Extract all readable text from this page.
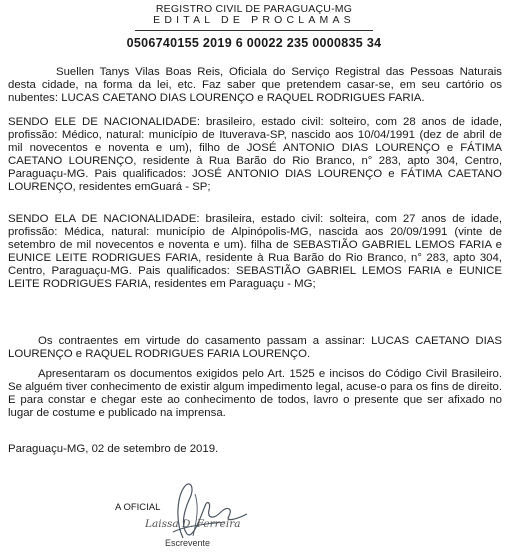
REGISTRO CIVIL DE PARAGUAÇU-MG
EDITAL DE PROCLAMAS
0506740155 2019 6 00022 235 0000835 34
Suellen Tanys Vilas Boas Reis, Oficiala do Serviço Registral das Pessoas Naturais desta cidade, na forma da lei, etc. Faz saber que pretendem casar-se, em seu cartório os nubentes: LUCAS CAETANO DIAS LOURENÇO e RAQUEL RODRIGUES FARIA.
SENDO ELE DE NACIONALIDADE: brasileiro, estado civil: solteiro, com 28 anos de idade, profissão: Médico, natural: município de Ituverava-SP, nascido aos 10/04/1991 (dez de abril de mil novecentos e noventa e um), filho de JOSÉ ANTONIO DIAS LOURENÇO e FÁTIMA CAETANO LOURENÇO, residente à Rua Barão do Rio Branco, n° 283, apto 304, Centro, Paraguaçu-MG. Pais qualificados: JOSÉ ANTONIO DIAS LOURENÇO e FÁTIMA CAETANO LOURENÇO, residentes emGuará - SP;
SENDO ELA DE NACIONALIDADE: brasileira, estado civil: solteira, com 27 anos de idade, profissão: Médica, natural: município de Alpinópolis-MG, nascida aos 20/09/1991 (vinte de setembro de mil novecentos e noventa e um). filha de SEBASTIÃO GABRIEL LEMOS FARIA e EUNICE LEITE RODRIGUES FARIA, residente à Rua Barão do Rio Branco, n° 283, apto 304, Centro, Paraguaçu-MG. Pais qualificados: SEBASTIÃO GABRIEL LEMOS FARIA e EUNICE LEITE RODRIGUES FARIA, residentes em Paraguaçu - MG;
Os contraentes em virtude do casamento passam a assinar: LUCAS CAETANO DIAS LOURENÇO e RAQUEL RODRIGUES FARIA LOURENÇO.
Apresentaram os documentos exigidos pelo Art. 1525 e incisos do Código Civil Brasileiro. Se alguém tiver conhecimento de existir algum impedimento legal, acuse-o para os fins de direito. E para constar e chegar este ao conhecimento de todos, lavro o presente que ser afixado no lugar de costume e publicado na imprensa.
Paraguaçu-MG, 02 de setembro de 2019.
A OFICIAL
Laissa D. Ferreira
Escrevente
